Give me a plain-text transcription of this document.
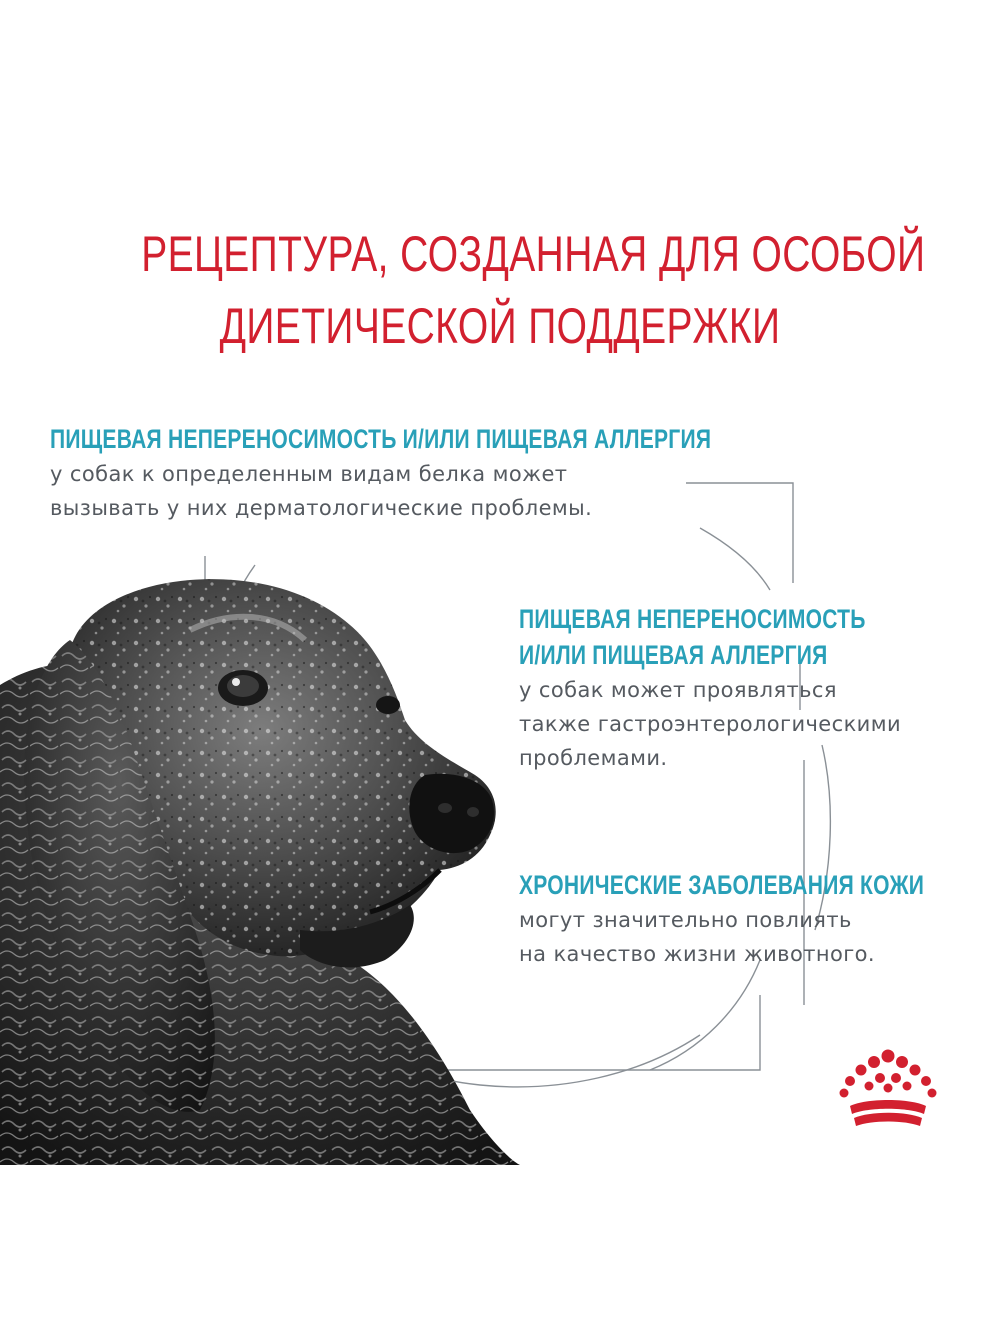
РЕЦЕПТУРА, СОЗДАННАЯ ДЛЯ ОСОБОЙ
ДИЕТИЧЕСКОЙ ПОДДЕРЖКИ
ПИЩЕВАЯ НЕПЕРЕНОСИМОСТЬ И/ИЛИ ПИЩЕВАЯ АЛЛЕРГИЯ
у собак к определенным видам белка может
вызывать у них дерматологические проблемы.
ПИЩЕВАЯ НЕПЕРЕНОСИМОСТЬ
И/ИЛИ ПИЩЕВАЯ АЛЛЕРГИЯ
у собак может проявляться
также гастроэнтерологическими
проблемами.
ХРОНИЧЕСКИЕ ЗАБОЛЕВАНИЯ КОЖИ
могут значительно повлиять
на качество жизни животного.
